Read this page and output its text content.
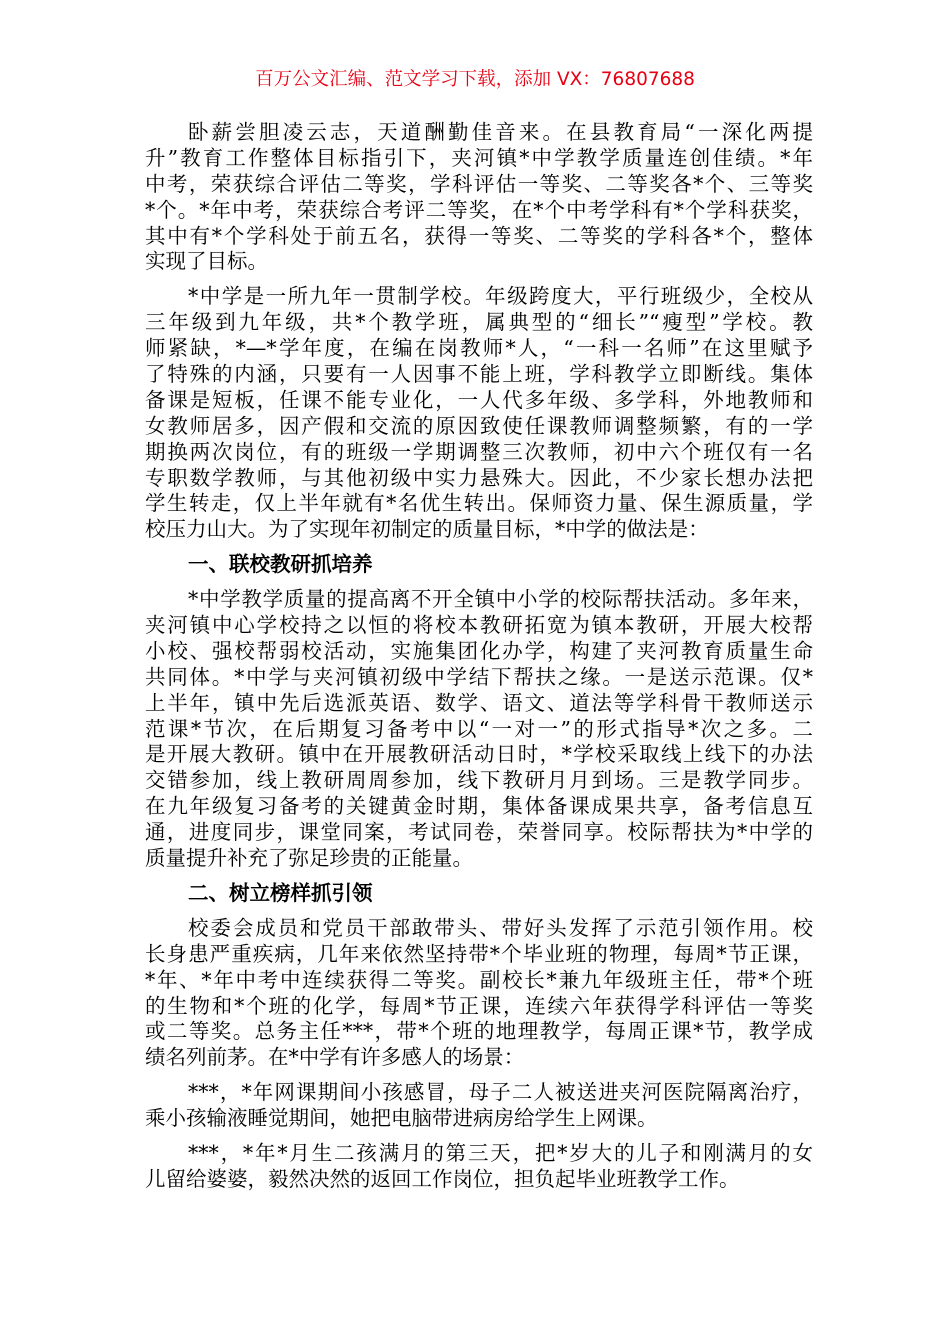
百万公文汇编、范文学习下载，添加 VX：76807688
卧薪尝胆凌云志，天道酬勤佳音来。在县教育局“一深化两提
升”教育工作整体目标指引下，夹河镇*中学教学质量连创佳绩。*年
中考，荣获综合评估二等奖，学科评估一等奖、二等奖各*个、三等奖
*个。*年中考，荣获综合考评二等奖，在*个中考学科有*个学科获奖，
其中有*个学科处于前五名，获得一等奖、二等奖的学科各*个，整体
实现了目标。
*中学是一所九年一贯制学校。年级跨度大，平行班级少，全校从
三年级到九年级，共*个教学班，属典型的“细长”“瘦型”学校。教
师紧缺，*—*学年度，在编在岗教师*人，“一科一名师”在这里赋予
了特殊的内涵，只要有一人因事不能上班，学科教学立即断线。集体
备课是短板，任课不能专业化，一人代多年级、多学科，外地教师和
女教师居多，因产假和交流的原因致使任课教师调整频繁，有的一学
期换两次岗位，有的班级一学期调整三次教师，初中六个班仅有一名
专职数学教师，与其他初级中实力悬殊大。因此，不少家长想办法把
学生转走，仅上半年就有*名优生转出。保师资力量、保生源质量，学
校压力山大。为了实现年初制定的质量目标，*中学的做法是：
一、联校教研抓培养
*中学教学质量的提高离不开全镇中小学的校际帮扶活动。多年来，
夹河镇中心学校持之以恒的将校本教研拓宽为镇本教研，开展大校帮
小校、强校帮弱校活动，实施集团化办学，构建了夹河教育质量生命
共同体。*中学与夹河镇初级中学结下帮扶之缘。一是送示范课。仅*
上半年，镇中先后选派英语、数学、语文、道法等学科骨干教师送示
范课*节次，在后期复习备考中以“一对一”的形式指导*次之多。二
是开展大教研。镇中在开展教研活动日时，*学校采取线上线下的办法
交错参加，线上教研周周参加，线下教研月月到场。三是教学同步。
在九年级复习备考的关键黄金时期，集体备课成果共享，备考信息互
通，进度同步，课堂同案，考试同卷，荣誉同享。校际帮扶为*中学的
质量提升补充了弥足珍贵的正能量。
二、树立榜样抓引领
校委会成员和党员干部敢带头、带好头发挥了示范引领作用。校
长身患严重疾病，几年来依然坚持带*个毕业班的物理，每周*节正课，
*年、*年中考中连续获得二等奖。副校长*兼九年级班主任，带*个班
的生物和*个班的化学，每周*节正课，连续六年获得学科评估一等奖
或二等奖。总务主任***，带*个班的地理教学，每周正课*节，教学成
绩名列前茅。在*中学有许多感人的场景：
***，*年网课期间小孩感冒，母子二人被送进夹河医院隔离治疗，
乘小孩输液睡觉期间，她把电脑带进病房给学生上网课。
***，*年*月生二孩满月的第三天，把*岁大的儿子和刚满月的女
儿留给婆婆，毅然决然的返回工作岗位，担负起毕业班教学工作。
